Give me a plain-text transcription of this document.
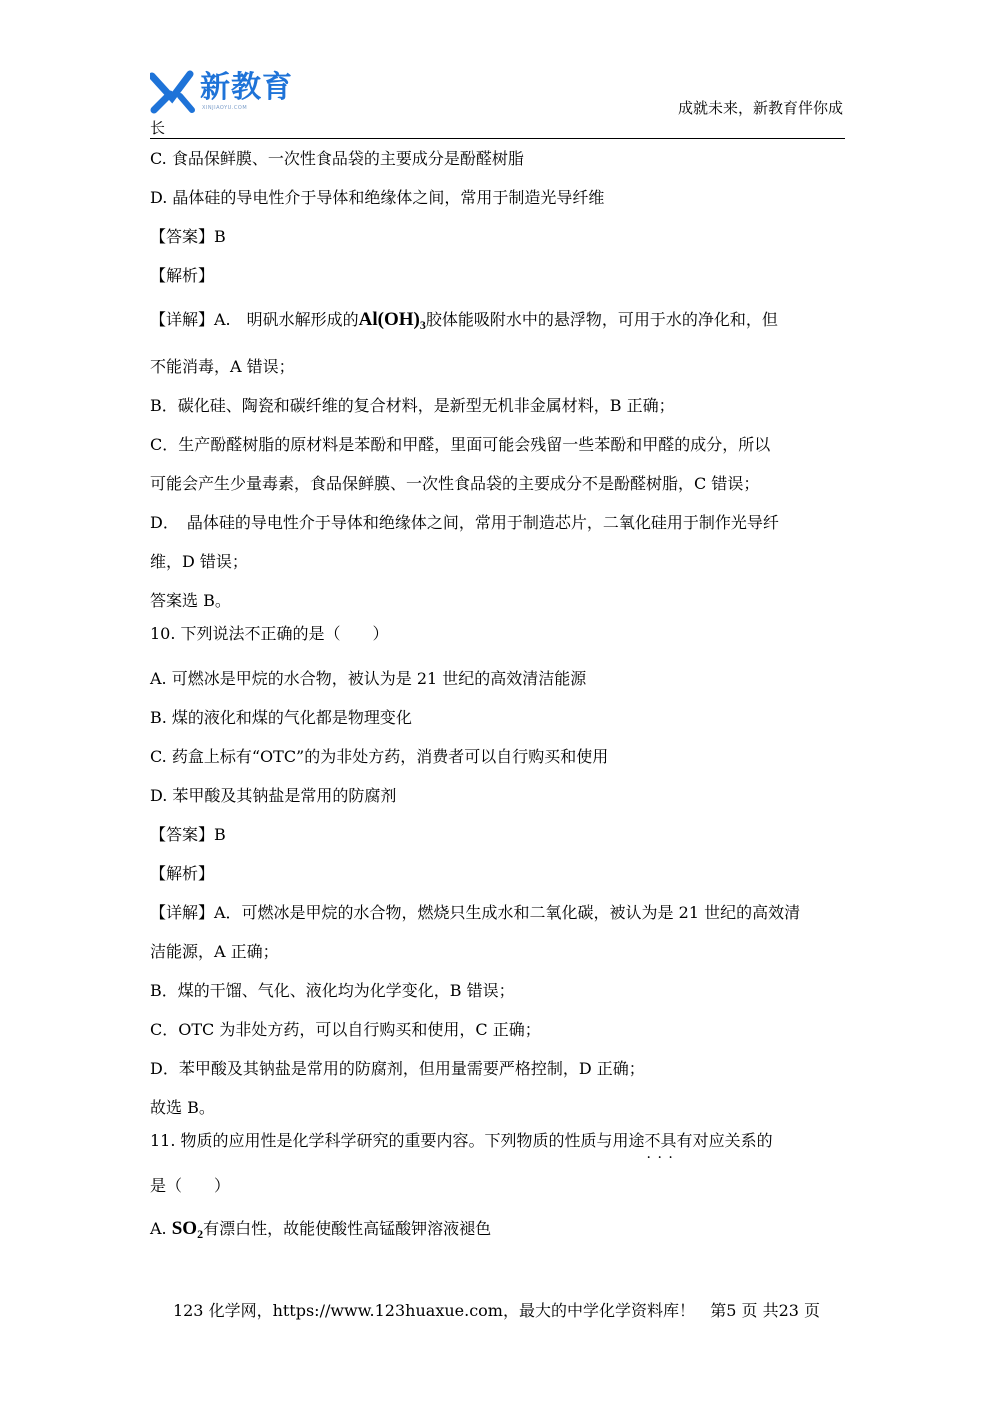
新教育
XINJIAOYU.COM	成就未来，新教育伴你成
长
C. 食品保鲜膜、一次性食品袋的主要成分是酚醛树脂
D. 晶体硅的导电性介于导体和绝缘体之间，常用于制造光导纤维
【答案】B
【解析】
【详解】A.　明矾水解形成的$Al(OH)_3$胶体能吸附水中的悬浮物，可用于水的净化和，但
不能消毒，A 错误；
B．碳化硅、陶瓷和碳纤维的复合材料，是新型无机非金属材料，B 正确；
C．生产酚醛树脂的原材料是苯酚和甲醛，里面可能会残留一些苯酚和甲醛的成分，所以
可能会产生少量毒素，食品保鲜膜、一次性食品袋的主要成分不是酚醛树脂，C 错误；
D．　晶体硅的导电性介于导体和绝缘体之间，常用于制造芯片，二氧化硅用于制作光导纤
维，D 错误；
答案选 B。
10. 下列说法不正确的是（　　）
A. 可燃冰是甲烷的水合物，被认为是 21 世纪的高效清洁能源
B. 煤的液化和煤的气化都是物理变化
C. 药盒上标有“OTC”的为非处方药，消费者可以自行购买和使用
D. 苯甲酸及其钠盐是常用的防腐剂
【答案】B
【解析】
【详解】A．可燃冰是甲烷的水合物，燃烧只生成水和二氧化碳，被认为是 21 世纪的高效清
洁能源，A 正确；
B．煤的干馏、气化、液化均为化学变化，B 错误；
C．OTC 为非处方药，可以自行购买和使用，C 正确；
D．苯甲酸及其钠盐是常用的防腐剂，但用量需要严格控制，D 正确；
故选 B。
11. 物质的应用性是化学科学研究的重要内容。下列物质的性质与用途不具有 · · ·对应关系的
是（　　）
A. $SO_2$有漂白性，故能使酸性高锰酸钾溶液褪色
123 化学网，https://www.123huaxue.com，最大的中学化学资料库！ 第5 页 共23 页
